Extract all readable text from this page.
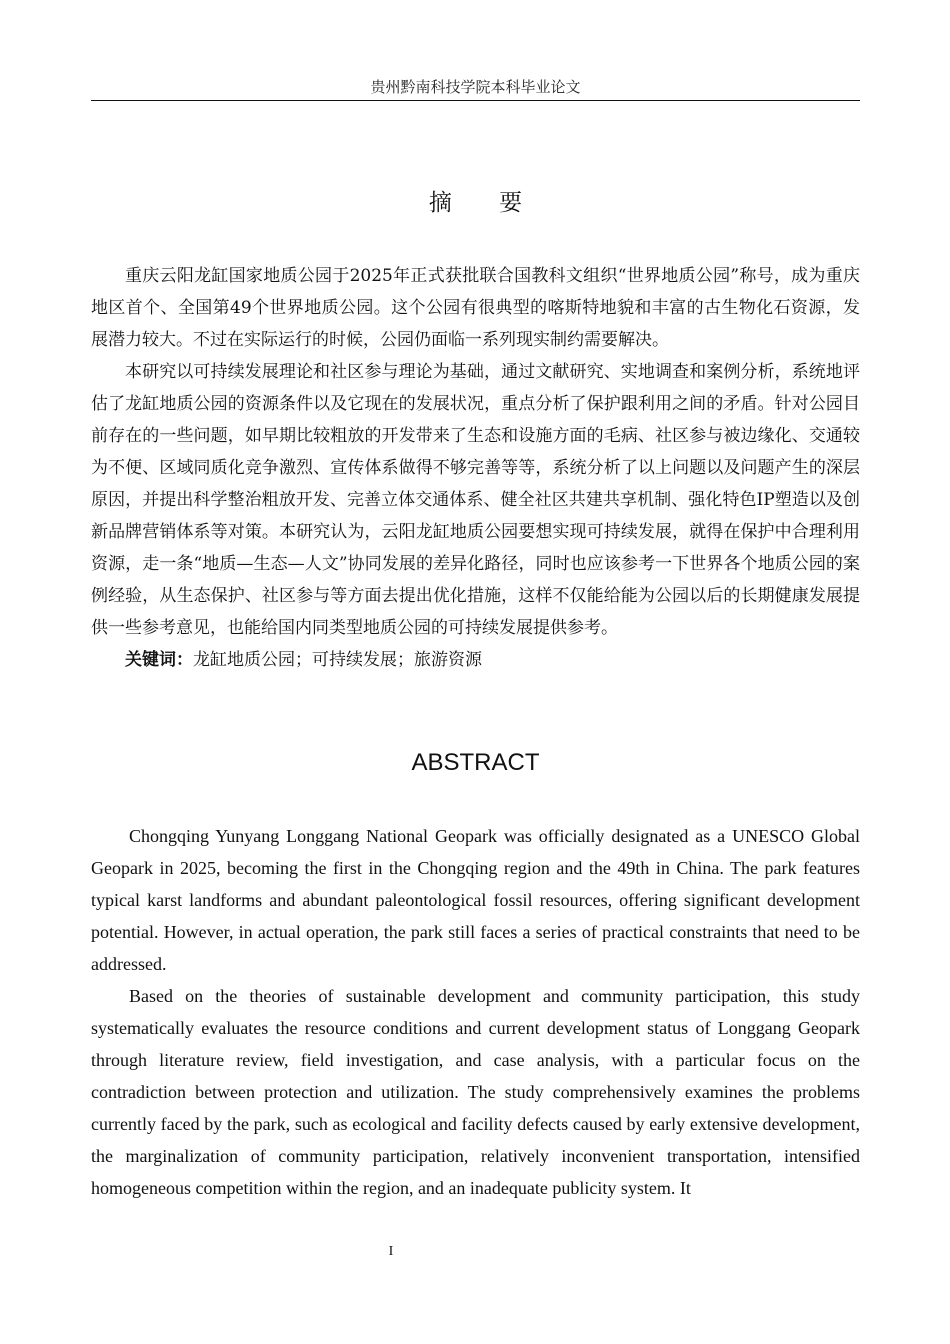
贵州黔南科技学院本科毕业论文
摘 要

重庆云阳龙缸国家地质公园于2025年正式获批联合国教科文组织“世界地质公园”称号，成为重庆地区首个、全国第49个世界地质公园。这个公园有很典型的喀斯特地貌和丰富的古生物化石资源，发展潜力较大。不过在实际运行的时候，公园仍面临一系列现实制约需要解决。

本研究以可持续发展理论和社区参与理论为基础，通过文献研究、实地调查和案例分析，系统地评估了龙缸地质公园的资源条件以及它现在的发展状况，重点分析了保护跟利用之间的矛盾。针对公园目前存在的一些问题，如早期比较粗放的开发带来了生态和设施方面的毛病、社区参与被边缘化、交通较为不便、区域同质化竞争激烈、宣传体系做得不够完善等等，系统分析了以上问题以及问题产生的深层原因，并提出科学整治粗放开发、完善立体交通体系、健全社区共建共享机制、强化特色IP塑造以及创新品牌营销体系等对策。本研究认为，云阳龙缸地质公园要想实现可持续发展，就得在保护中合理利用资源，走一条“地质—生态—人文”协同发展的差异化路径，同时也应该参考一下世界各个地质公园的案例经验，从生态保护、社区参与等方面去提出优化措施，这样不仅能给能为公园以后的长期健康发展提供一些参考意见，也能给国内同类型地质公园的可持续发展提供参考。

关键词：龙缸地质公园；可持续发展；旅游资源

ABSTRACT

Chongqing Yunyang Longgang National Geopark was officially designated as a UNESCO Global Geopark in 2025, becoming the first in the Chongqing region and the 49th in China. The park features typical karst landforms and abundant paleontological fossil resources, offering significant development potential. However, in actual operation, the park still faces a series of practical constraints that need to be addressed.

Based on the theories of sustainable development and community participation, this study systematically evaluates the resource conditions and current development status of Longgang Geopark through literature review, field investigation, and case analysis, with a particular focus on the contradiction between protection and utilization. The study comprehensively examines the problems currently faced by the park, such as ecological and facility defects caused by early extensive development, the marginalization of community participation, relatively inconvenient transportation, intensified homogeneous competition within the region, and an inadequate publicity system. It

I
